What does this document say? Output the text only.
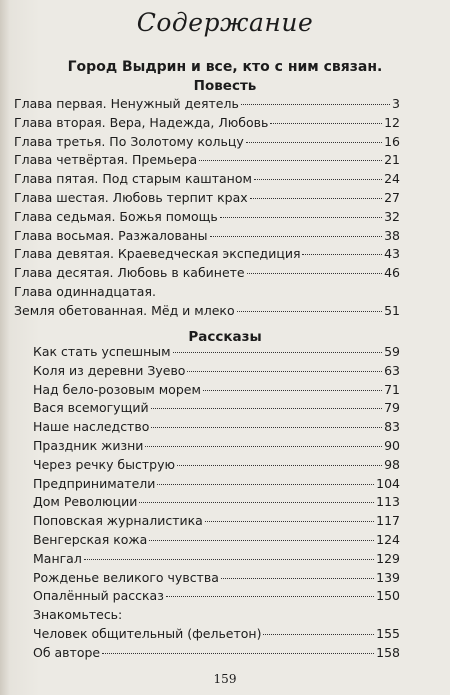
Содержание
Город Выдрин и все, кто с ним связан.
Повесть
Глава первая. Ненужный деятель	3
Глава вторая. Вера, Надежда, Любовь	12
Глава третья. По Золотому кольцу	16
Глава четвёртая. Премьера	21
Глава пятая. Под старым каштаном	24
Глава шестая. Любовь терпит крах	27
Глава седьмая. Божья помощь	32
Глава восьмая. Разжалованы	38
Глава девятая. Краеведческая экспедиция	43
Глава десятая. Любовь в кабинете	46
Глава одиннадцатая.
Земля обетованная. Мёд и млеко	51
Рассказы
Как стать успешным	59
Коля из деревни Зуево	63
Над бело-розовым морем	71
Вася всемогущий	79
Наше наследство	83
Праздник жизни	90
Через речку быструю	98
Предприниматели	104
Дом Революции	113
Поповская журналистика	117
Венгерская кожа	124
Мангал	129
Рожденье великого чувства	139
Опалённый рассказ	150
Знакомьтесь:
Человек общительный (фельетон)	155
Об авторе	158
159
